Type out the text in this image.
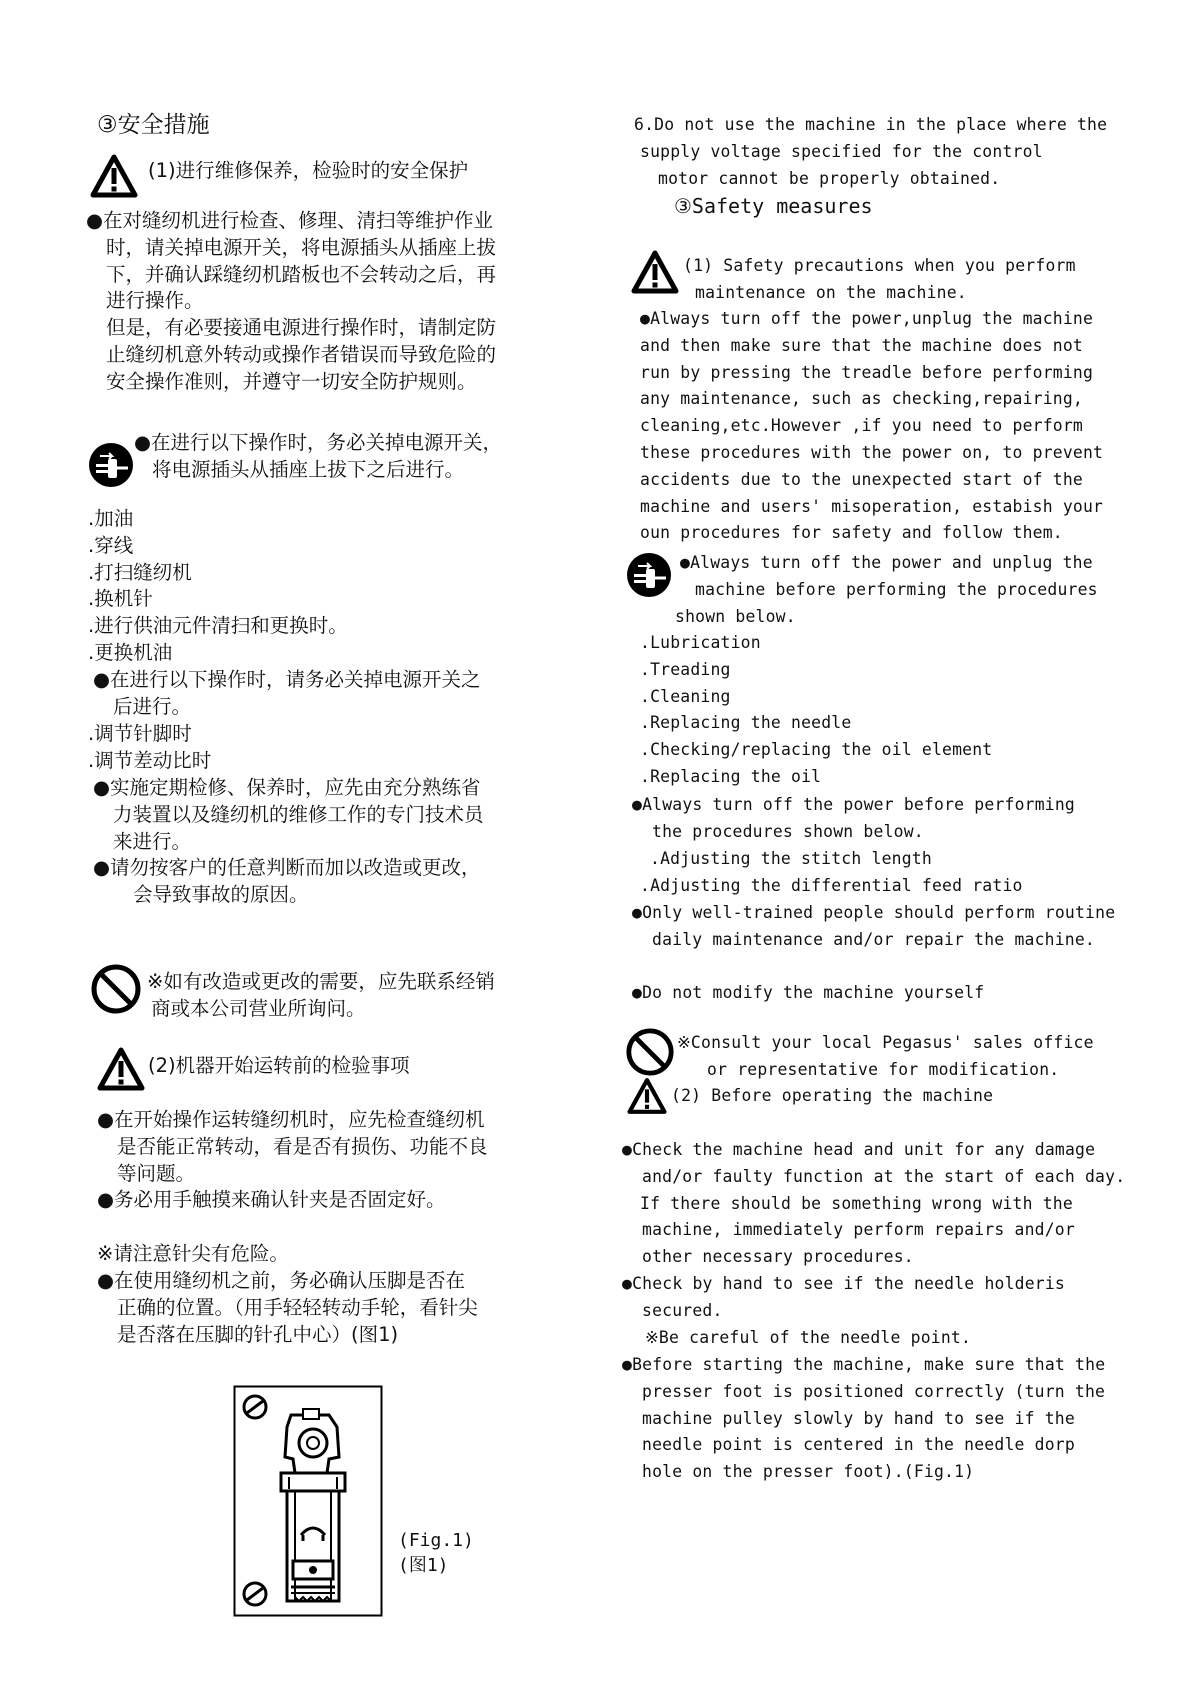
③安全措施
(1)进行维修保养，检验时的安全保护
●在对缝纫机进行检查、修理、清扫等维护作业
时，请关掉电源开关，将电源插头从插座上拔
下，并确认踩缝纫机踏板也不会转动之后，再
进行操作。
但是，有必要接通电源进行操作时，请制定防
止缝纫机意外转动或操作者错误而导致危险的
安全操作准则，并遵守一切安全防护规则。
●在进行以下操作时，务必关掉电源开关，
将电源插头从插座上拔下之后进行。
.加油
.穿线
.打扫缝纫机
.换机针
.进行供油元件清扫和更换时。
.更换机油
●在进行以下操作时，请务必关掉电源开关之
后进行。
.调节针脚时
.调节差动比时
●实施定期检修、保养时，应先由充分熟练省
力装置以及缝纫机的维修工作的专门技术员
来进行。
●请勿按客户的任意判断而加以改造或更改，
会导致事故的原因。
※如有改造或更改的需要，应先联系经销
商或本公司营业所询问。
(2)机器开始运转前的检验事项
●在开始操作运转缝纫机时，应先检查缝纫机
是否能正常转动，看是否有损伤、功能不良
等问题。
●务必用手触摸来确认针夹是否固定好。
※请注意针尖有危险。
●在使用缝纫机之前，务必确认压脚是否在
正确的位置。（用手轻轻转动手轮，看针尖
是否落在压脚的针孔中心）(图1)
(Fig.1)
(图1)
6.Do not use the machine in the place where the
supply voltage specified for the control
motor cannot be properly obtained.
③Safety measures
(1) Safety precautions when you perform
maintenance on the machine.
●Always turn off the power,unplug the machine
and then make sure that the machine does not
run by pressing the treadle before performing
any maintenance, such as checking,repairing,
cleaning,etc.However ,if you need to perform
these procedures with the power on, to prevent
accidents due to the unexpected start of the
machine and users' misoperation, estabish your
oun procedures for safety and follow them.
●Always turn off the power and unplug the
machine before performing the procedures
shown below.
.Lubrication
.Treading
.Cleaning
.Replacing the needle
.Checking/replacing the oil element
.Replacing the oil
●Always turn off the power before performing
the procedures shown below.
.Adjusting the stitch length
.Adjusting the differential feed ratio
●Only well-trained people should perform routine
daily maintenance and/or repair the machine.
●Do not modify the machine yourself
※Consult your local Pegasus' sales office
or representative for modification.
(2) Before operating the machine
●Check the machine head and unit for any damage
and/or faulty function at the start of each day.
If there should be something wrong with the
machine, immediately perform repairs and/or
other necessary procedures.
●Check by hand to see if the needle holderis
secured.
※Be careful of the needle point.
●Before starting the machine, make sure that the
presser foot is positioned correctly (turn the
machine pulley slowly by hand to see if the
needle point is centered in the needle dorp
hole on the presser foot).(Fig.1)
